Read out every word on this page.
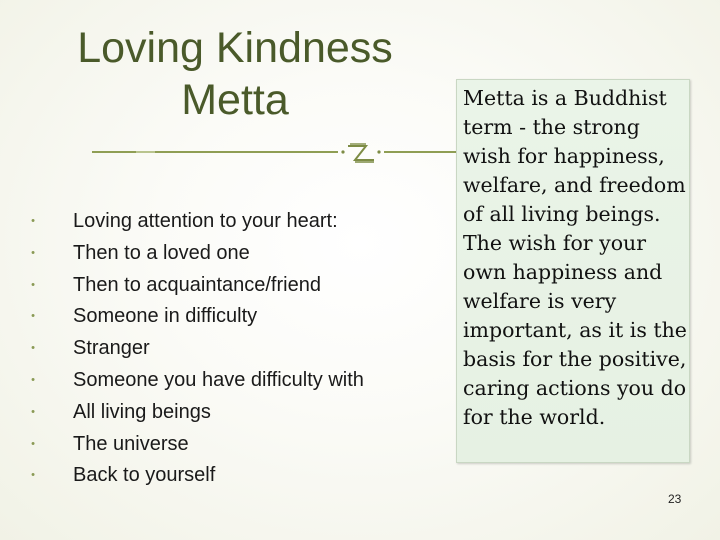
Loving Kindness
Metta
• Loving attention to your heart:
• Then to a loved one
• Then to acquaintance/friend
• Someone in difficulty
• Stranger
• Someone you have difficulty with
• All living beings
• The universe
• Back to yourself
Metta is a Buddhist term - the strong wish for happiness, welfare, and freedom of all living beings. The wish for your own happiness and welfare is very important, as it is the basis for the positive, caring actions you do for the world.
23
